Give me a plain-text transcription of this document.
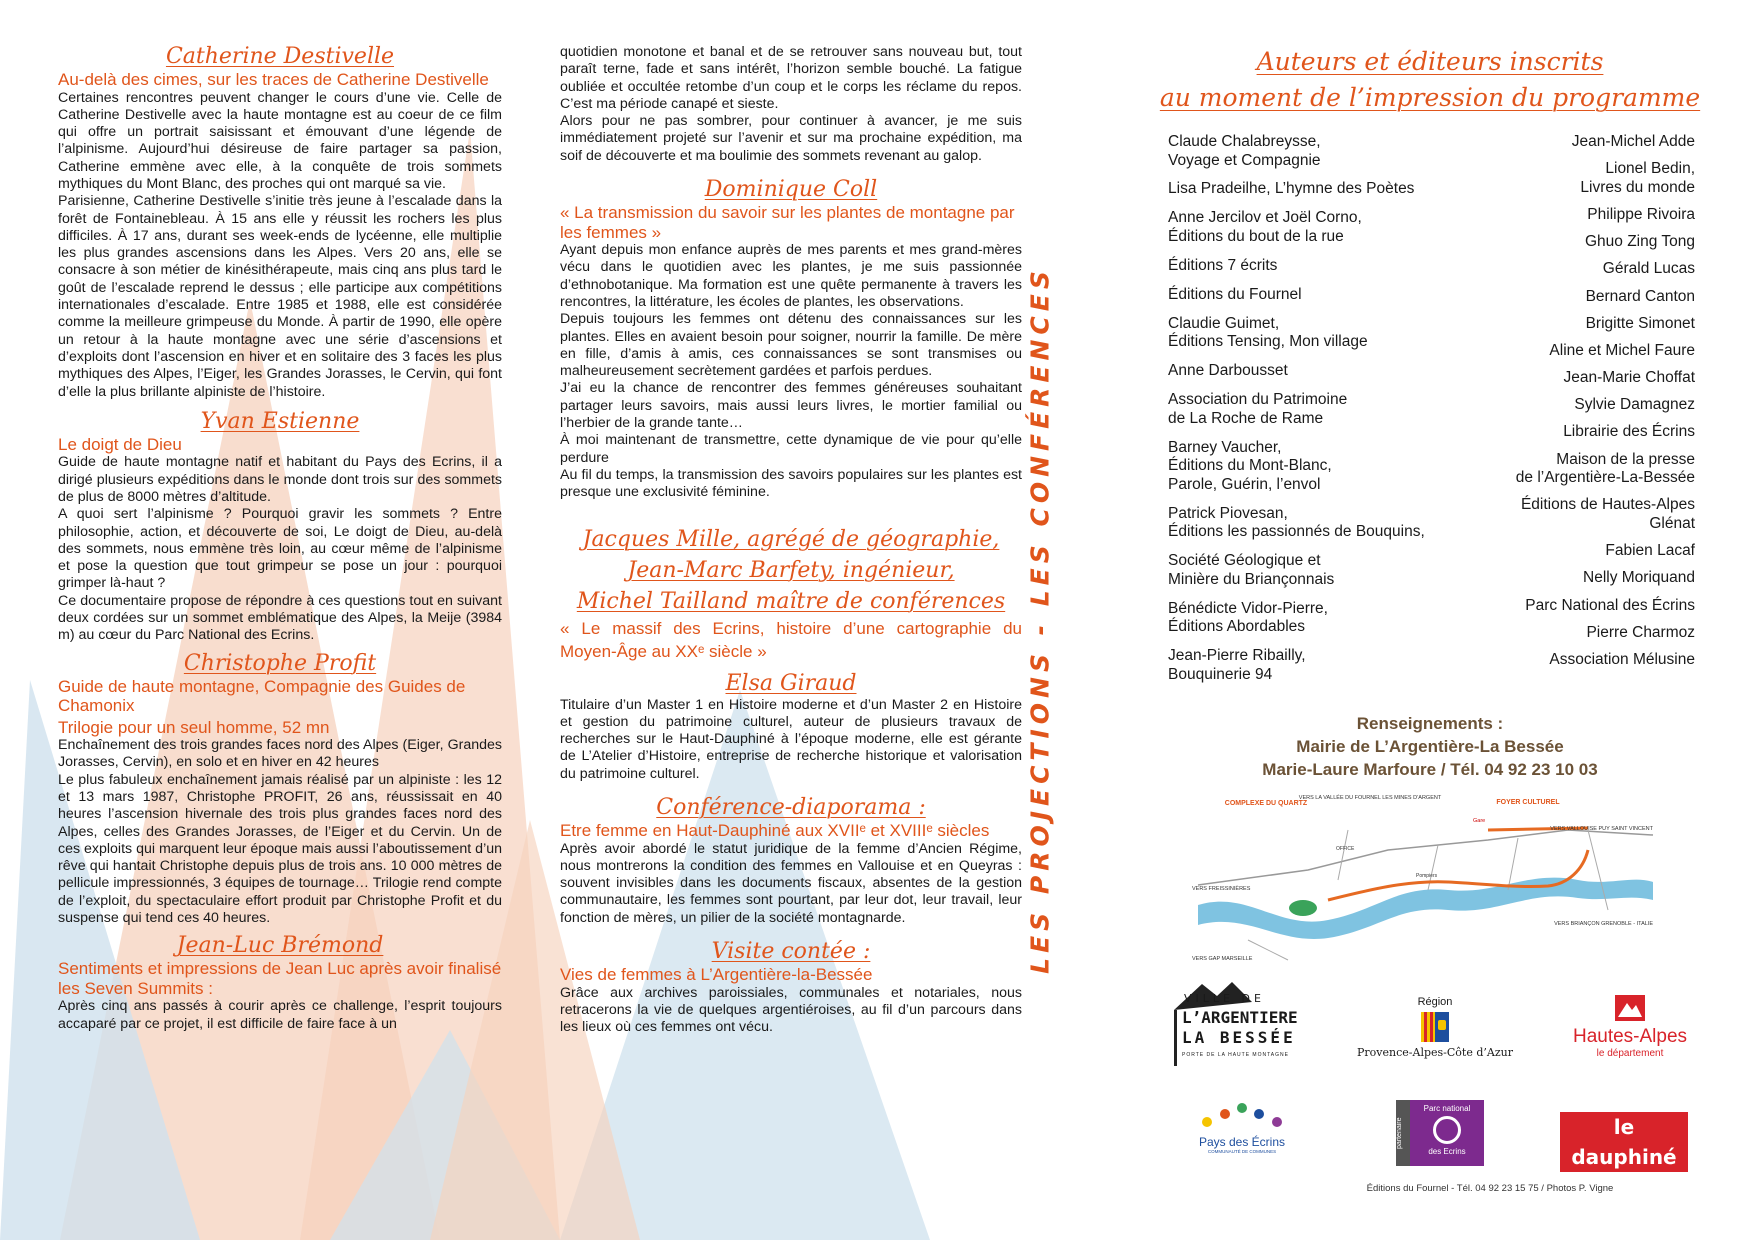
Catherine Destivelle

Au-delà des cimes, sur les traces de Catherine Destivelle

Certaines rencontres peuvent changer le cours d’une vie. Celle de Catherine Destivelle avec la haute montagne est au coeur de ce film qui offre un portrait saisissant et émouvant d’une légende de l’alpinisme. Aujourd’hui désireuse de faire partager sa passion, Catherine emmène avec elle, à la conquête de trois sommets mythiques du Mont Blanc, des proches qui ont marqué sa vie.

Parisienne, Catherine Destivelle s’initie très jeune à l’escalade dans la forêt de Fontainebleau. À 15 ans elle y réussit les rochers les plus difficiles. À 17 ans, durant ses week-ends de lycéenne, elle multiplie les plus grandes ascensions dans les Alpes. Vers 20 ans, elle se consacre à son métier de kinésithérapeute, mais cinq ans plus tard le goût de l’escalade reprend le dessus ; elle participe aux compétitions internationales d’escalade. Entre 1985 et 1988, elle est considérée comme la meilleure grimpeuse du Monde. À partir de 1990, elle opère un retour à la haute montagne avec une série d’ascensions et d’exploits dont l’ascension en hiver et en solitaire des 3 faces les plus mythiques des Alpes, l’Eiger, les Grandes Jorasses, le Cervin, qui font d’elle la plus brillante alpiniste de l’histoire.

Yvan Estienne

Le doigt de Dieu

Guide de haute montagne natif et habitant du Pays des Ecrins, il a dirigé plusieurs expéditions dans le monde dont trois sur des sommets de plus de 8000 mètres d’altitude.

A quoi sert l’alpinisme ? Pourquoi gravir les sommets ? Entre philosophie, action, et découverte de soi, Le doigt de Dieu, au-delà des sommets, nous emmène très loin, au cœur même de l’alpinisme et pose la question que tout grimpeur se pose un jour : pourquoi grimper là-haut ?

Ce documentaire propose de répondre à ces questions tout en suivant deux cordées sur un sommet emblématique des Alpes, la Meije (3984 m) au cœur du Parc National des Ecrins.

Christophe Profit

Guide de haute montagne, Compagnie des Guides de Chamonix

Trilogie pour un seul homme, 52 mn

Enchaînement des trois grandes faces nord des Alpes (Eiger, Grandes Jorasses, Cervin), en solo et en hiver en 42 heures

Le plus fabuleux enchaînement jamais réalisé par un alpiniste : les 12 et 13 mars 1987, Christophe PROFIT, 26 ans, réussissait en 40 heures l’ascension hivernale des trois plus grandes faces nord des Alpes, celles des Grandes Jorasses, de l’Eiger et du Cervin. Un de ces exploits qui marquent leur époque mais aussi l’aboutissement d’un rêve qui hantait Christophe depuis plus de trois ans. 10 000 mètres de pellicule impressionnés, 3 équipes de tournage… Trilogie rend compte de l’exploit, du spectaculaire effort produit par Christophe Profit et du suspense qui tend ces 40 heures.

Jean-Luc Brémond

Sentiments et impressions de Jean Luc après avoir finalisé les Seven Summits :

Après cinq ans passés à courir après ce challenge, l’esprit toujours accaparé par ce projet, il est difficile de faire face à un

quotidien monotone et banal et de se retrouver sans nouveau but, tout paraît terne, fade et sans intérêt, l’horizon semble bouché. La fatigue oubliée et occultée retombe d’un coup et le corps les réclame du repos. C’est ma période canapé et sieste.

Alors pour ne pas sombrer, pour continuer à avancer, je me suis immédiatement projeté sur l’avenir et sur ma prochaine expédition, ma soif de découverte et ma boulimie des sommets revenant au galop.

Dominique Coll

« La transmission du savoir sur les plantes de montagne par les femmes »

Ayant depuis mon enfance auprès de mes parents et mes grand-mères vécu dans le quotidien avec les plantes, je me suis passionnée d’ethnobotanique. Ma formation est une quête permanente à travers les rencontres, la littérature, les écoles de plantes, les observations.

Depuis toujours les femmes ont détenu des connaissances sur les plantes. Elles en avaient besoin pour soigner, nourrir la famille. De mère en fille, d’amis à amis, ces connaissances se sont transmises ou malheureusement secrètement gardées et parfois perdues.

J’ai eu la chance de rencontrer des femmes généreuses souhaitant partager leurs savoirs, mais aussi leurs livres, le mortier familial ou l’herbier de la grande tante…

À moi maintenant de transmettre, cette dynamique de vie pour qu’elle perdure

Au fil du temps, la transmission des savoirs populaires sur les plantes est presque une exclusivité féminine.

Jacques Mille, agrégé de géographie,

Jean-Marc Barfety, ingénieur,

Michel Tailland maître de conférences

« Le massif des Ecrins, histoire d’une cartographie du Moyen-Âge au XXᵉ siècle »

Elsa Giraud

Titulaire d’un Master 1 en Histoire moderne et d’un Master 2 en Histoire et gestion du patrimoine culturel, auteur de plusieurs travaux de recherches sur le Haut-Dauphiné à l’époque moderne, elle est gérante de L’Atelier d’Histoire, entreprise de recherche historique et valorisation du patrimoine culturel.

Conférence-diaporama :

Etre femme en Haut-Dauphiné aux XVIIᵉ et XVIIIᵉ siècles

Après avoir abordé le statut juridique de la femme d’Ancien Régime, nous montrerons la condition des femmes en Vallouise et en Queyras : souvent invisibles dans les documents fiscaux, absentes de la gestion communautaire, les femmes sont pourtant, par leur dot, leur travail, leur fonction de mères, un pilier de la société montagnarde.

Visite contée :

Vies de femmes à L’Argentière-la-Bessée

Grâce aux archives paroissiales, communales et notariales, nous retracerons la vie de quelques argentiéroises, au fil d’un parcours dans les lieux où ces femmes ont vécu.

LES PROJECTIONS - LES CONFÉRENCES
Auteurs et éditeurs inscrits
au moment de l’impression du programme
Claude Chalabreysse,
Voyage et Compagnie
Lisa Pradeilhe, L’hymne des Poètes
Anne Jercilov et Joël Corno,
Éditions du bout de la rue
Éditions 7 écrits
Éditions du Fournel
Claudie Guimet,
Éditions Tensing, Mon village
Anne Darbousset
Association du Patrimoine
de La Roche de Rame
Barney Vaucher,
Éditions du Mont-Blanc,
Parole, Guérin, l’envol
Patrick Piovesan,
Éditions les passionnés de Bouquins,
Société Géologique et
Minière du Briançonnais
Bénédicte Vidor-Pierre,
Éditions Abordables
Jean-Pierre Ribailly,
Bouquinerie 94
Jean-Michel Adde
Lionel Bedin,
Livres du monde
Philippe Rivoira
Ghuo Zing Tong
Gérald Lucas
Bernard Canton
Brigitte Simonet
Aline et Michel Faure
Jean-Marie Choffat
Sylvie Damagnez
Librairie des Écrins
Maison de la presse
de l’Argentière-La-Bessée
Éditions de Hautes-Alpes
Glénat
Fabien Lacaf
Nelly Moriquand
Parc National des Écrins
Pierre Charmoz
Association Mélusine
Renseignements :
Mairie de L’Argentière-La Bessée
Marie-Laure Marfoure / Tél. 04 92 23 10 03
COMPLEXE DU QUARTZ	FOYER CULTUREL
VERS LA VALLÉE DU FOURNEL LES MINES D’ARGENT
VERS VALLOUISE PUY SAINT VINCENT
VERS FREISSINIÈRES
VERS BRIANÇON GRENOBLE - ITALIE
VERS GAP MARSEILLE
Gare
OFFICE
Pompiers
VILLE DE
L’ARGENTIERE
LA BESSÉE
PORTE DE LA HAUTE MONTAGNE
Région
Provence-Alpes-Côte d’Azur
Hautes-Alpes
le département
Pays des Écrins
COMMUNAUTÉ DE COMMUNES
partenaire
Parc national
des Ecrins
le dauphiné
LIBÉRÉ
Éditions du Fournel - Tél. 04 92 23 15 75 / Photos P. Vigne
